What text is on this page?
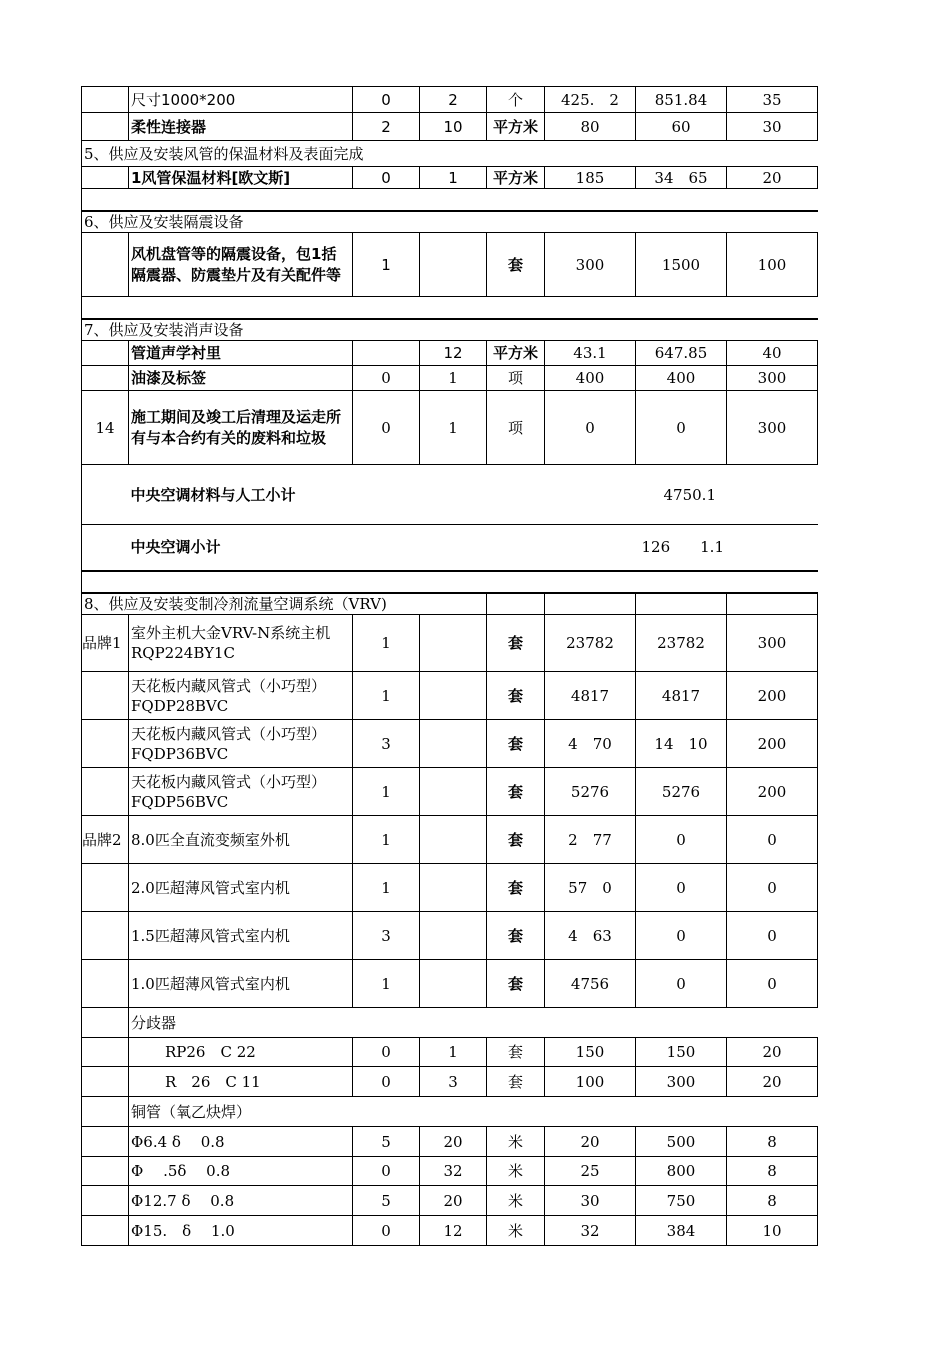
	尺寸1000*200	0	2	个	425.　2	851.84	35
	柔性连接器	2	10	平方米	80	60	30
5、供应及安装风管的保温材料及表面完成							
	1风管保温材料[欧文斯]	0	1	平方米	185	34　65	20

6、供应及安装隔震设备							
	风机盘管等的隔震设备，包1括隔震器、防震垫片及有关配件等	1		套	300	1500	100

7、供应及安装消声设备							
	管道声学衬里		12	平方米	43.1	647.85	40
	油漆及标签	0	1	项	400	400	300
14	施工期间及竣工后清理及运走所有与本合约有关的废料和垃圾	0	1	项	0	0	300
	中央空调材料与人工小计					4750.1	
	中央空调小计				126　　1.1		

8、供应及安装变制冷剂流量空调系统（VRV)							
品牌1	室外主机大金VRV-N系统主机 RQP224BY1C	1		套	23782	23782	300
	天花板内藏风管式（小巧型）　　　FQDP28BVC	1		套	4817	4817	200
	天花板内藏风管式（小巧型）FQDP36BVC	3		套	4　70	14　10	200
	天花板内藏风管式（小巧型） FQDP56BVC	1		套	5276	5276	200
品牌2	8.0匹全直流变频室外机	1		套	2　77	0	0
	2.0匹超薄风管式室内机	1		套	57　0	0	0
	1.5匹超薄风管式室内机	3		套	4　63	0	0
	1.0匹超薄风管式室内机	1		套	4756	0	0
	分歧器						
	RP26　C 22	0	1	套	150	150	20
	R　26　C 11	0	3	套	100	300	20
	铜管（氧乙炔焊）						
	Φ6.4 δ　 0.8	5	20	米	20	500	8
	Φ　 .5δ　 0.8	0	32	米	25	800	8
	Φ12.7 δ　 0.8	5	20	米	30	750	8
	Φ15.　δ　 1.0	0	12	米	32	384	10
